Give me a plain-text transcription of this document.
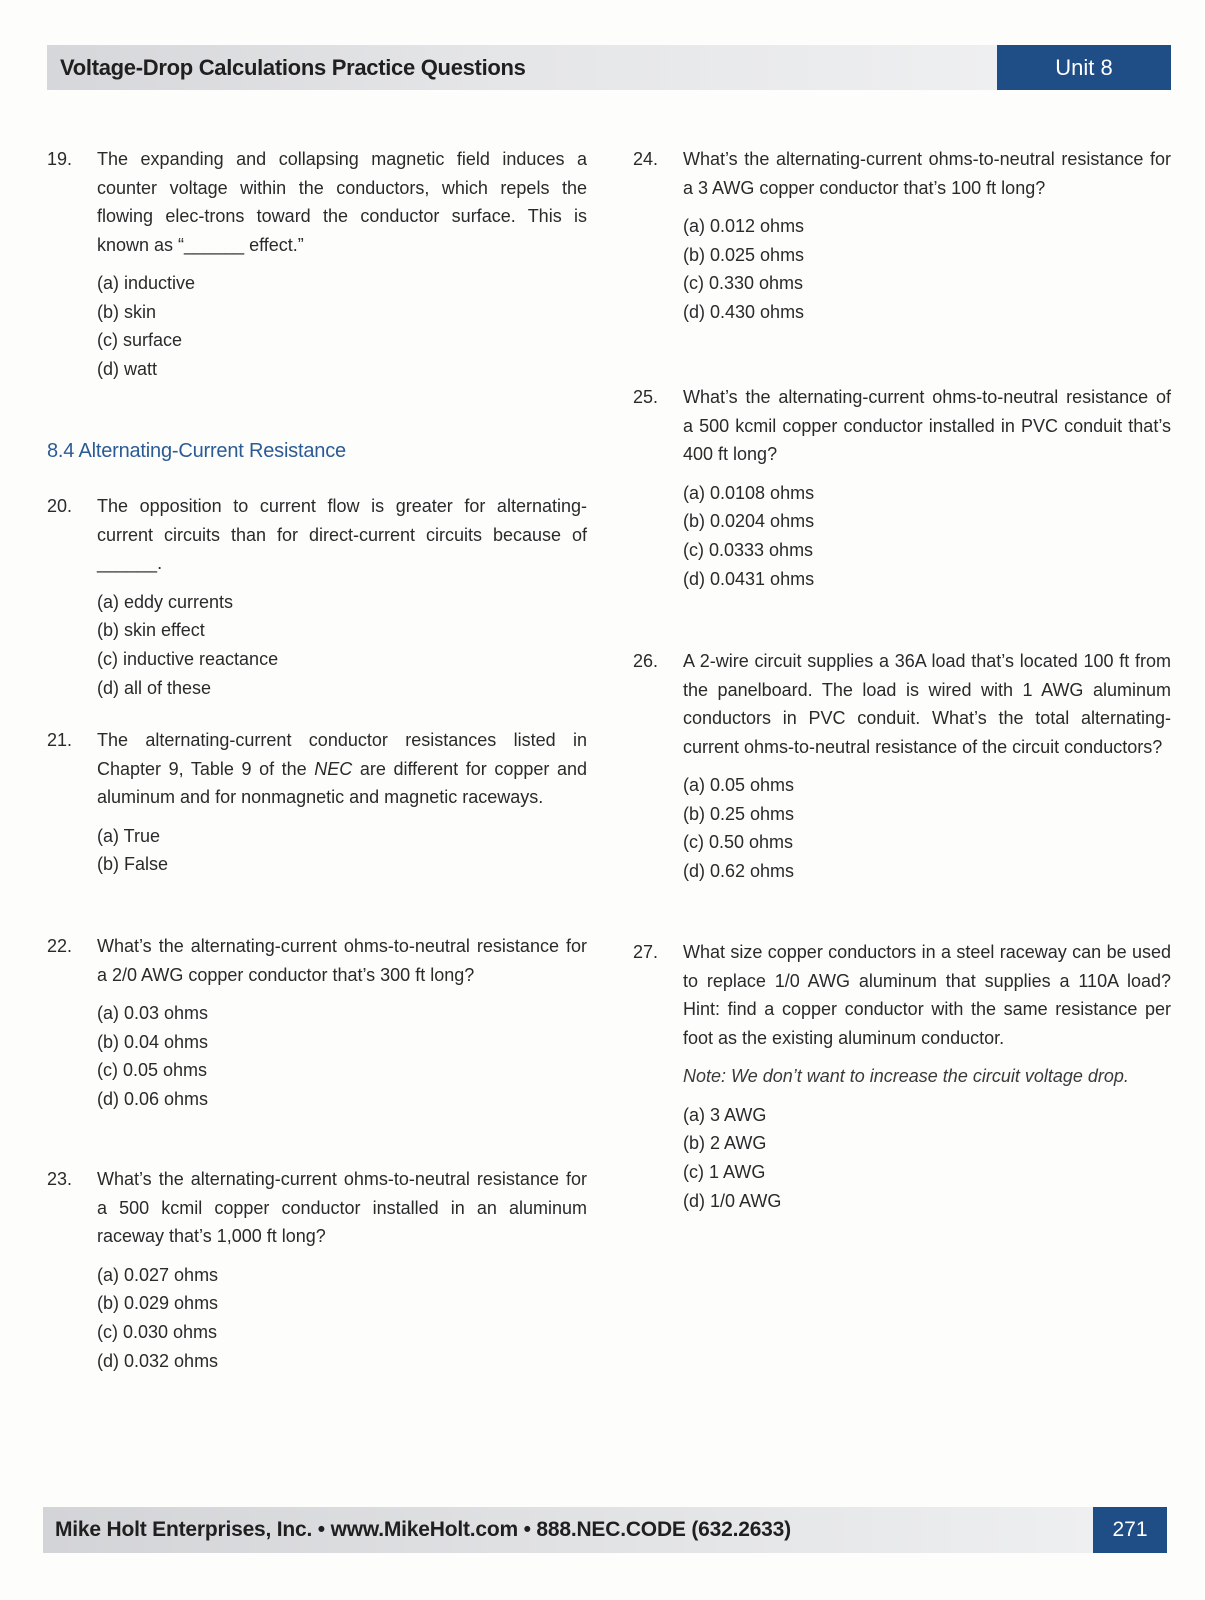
Voltage-Drop Calculations Practice Questions	Unit 8
19. The expanding and collapsing magnetic field induces a counter voltage within the conductors, which repels the flowing elec-trons toward the conductor surface. This is known as “______ effect.”
(a) inductive
(b) skin
(c) surface
(d) watt
8.4 Alternating-Current Resistance
20. The opposition to current flow is greater for alternating-current circuits than for direct-current circuits because of ______.
(a) eddy currents
(b) skin effect
(c) inductive reactance
(d) all of these
21. The alternating-current conductor resistances listed in Chapter 9, Table 9 of the NEC are different for copper and aluminum and for nonmagnetic and magnetic raceways.
(a) True
(b) False
22. What’s the alternating-current ohms-to-neutral resistance for a 2/0 AWG copper conductor that’s 300 ft long?
(a) 0.03 ohms
(b) 0.04 ohms
(c) 0.05 ohms
(d) 0.06 ohms
23. What’s the alternating-current ohms-to-neutral resistance for a 500 kcmil copper conductor installed in an aluminum raceway that’s 1,000 ft long?
(a) 0.027 ohms
(b) 0.029 ohms
(c) 0.030 ohms
(d) 0.032 ohms
24. What’s the alternating-current ohms-to-neutral resistance for a 3 AWG copper conductor that’s 100 ft long?
(a) 0.012 ohms
(b) 0.025 ohms
(c) 0.330 ohms
(d) 0.430 ohms
25. What’s the alternating-current ohms-to-neutral resistance of a 500 kcmil copper conductor installed in PVC conduit that’s 400 ft long?
(a) 0.0108 ohms
(b) 0.0204 ohms
(c) 0.0333 ohms
(d) 0.0431 ohms
26. A 2-wire circuit supplies a 36A load that’s located 100 ft from the panelboard. The load is wired with 1 AWG aluminum conductors in PVC conduit. What’s the total alternating-current ohms-to-neutral resistance of the circuit conductors?
(a) 0.05 ohms
(b) 0.25 ohms
(c) 0.50 ohms
(d) 0.62 ohms
27. What size copper conductors in a steel raceway can be used to replace 1/0 AWG aluminum that supplies a 110A load? Hint: find a copper conductor with the same resistance per foot as the existing aluminum conductor.
Note: We don’t want to increase the circuit voltage drop.
(a) 3 AWG
(b) 2 AWG
(c) 1 AWG
(d) 1/0 AWG
Mike Holt Enterprises, Inc. • www.MikeHolt.com • 888.NEC.CODE (632.2633)	271
